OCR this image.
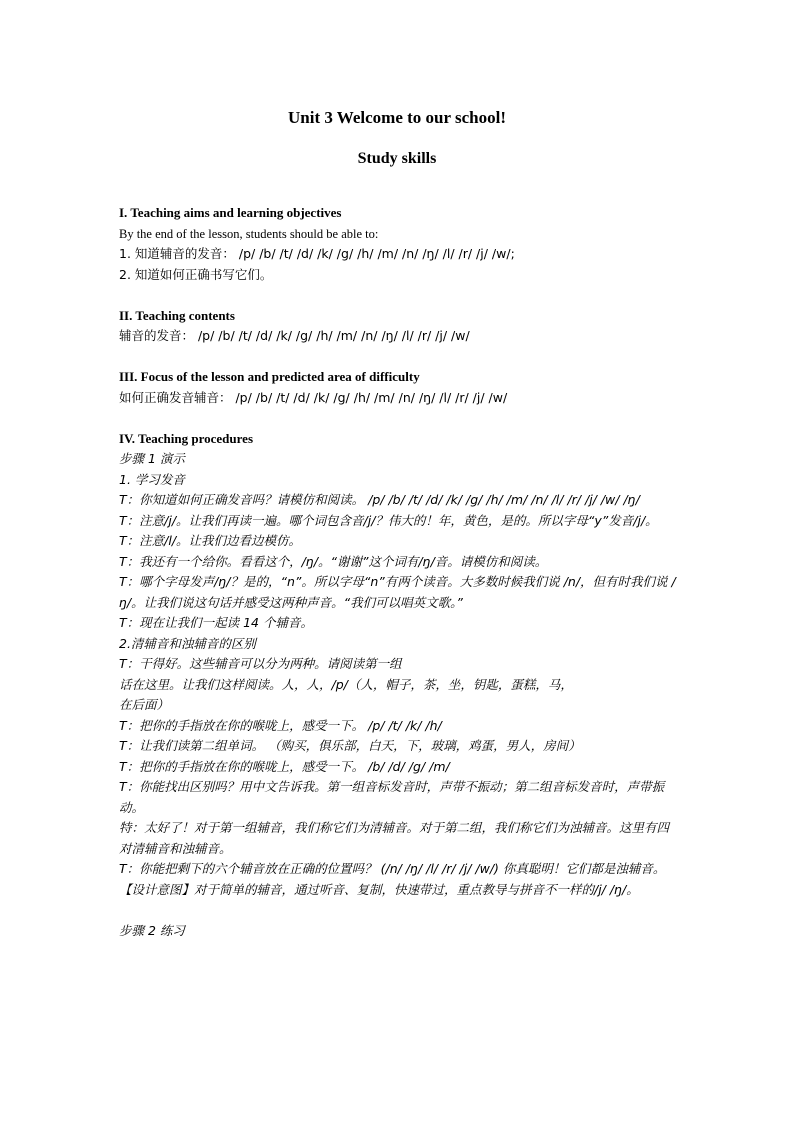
Unit 3 Welcome to our school!
Study skills
I. Teaching aims and learning objectives
By the end of the lesson, students should be able to:
1. 知道辅音的发音： /p/ /b/ /t/ /d/ /k/ /g/ /h/ /m/ /n/ /ŋ/ /l/ /r/ /j/ /w/;
2. 知道如何正确书写它们。
II. Teaching contents
辅音的发音： /p/ /b/ /t/ /d/ /k/ /g/ /h/ /m/ /n/ /ŋ/ /l/ /r/ /j/ /w/
III. Focus of the lesson and predicted area of difficulty
如何正确发音辅音： /p/ /b/ /t/ /d/ /k/ /g/ /h/ /m/ /n/ /ŋ/ /l/ /r/ /j/ /w/
IV. Teaching procedures
步骤 1 演示
1. 学习发音
T：你知道如何正确发音吗？请模仿和阅读。 /p/ /b/ /t/ /d/ /k/ /g/ /h/ /m/ /n/ /l/ /r/ /j/ /w/ /ŋ/
T：注意/j/。让我们再读一遍。哪个词包含音/j/？伟大的！年，黄色，是的。所以字母“y”发音/j/。
T：注意/l/。让我们边看边模仿。
T：我还有一个给你。看看这个，/ŋ/。“谢谢”这个词有/ŋ/音。请模仿和阅读。
T：哪个字母发声/ŋ/？是的，“n”。所以字母“n”有两个读音。大多数时候我们说 /n/，但有时我们说 /ŋ/。让我们说这句话并感受这两种声音。“我们可以唱英文歌。”
T：现在让我们一起读 14 个辅音。
2.清辅音和浊辅音的区别
T：干得好。这些辅音可以分为两种。请阅读第一组
话在这里。让我们这样阅读。人，人，/p/（人，帽子，茶，坐，钥匙，蛋糕，马，
在后面）
T：把你的手指放在你的喉咙上，感受一下。 /p/ /t/ /k/ /h/
T：让我们读第二组单词。 （购买，俱乐部，白天，下，玻璃，鸡蛋，男人，房间）
T：把你的手指放在你的喉咙上，感受一下。 /b/ /d/ /g/ /m/
T：你能找出区别吗？用中文告诉我。第一组音标发音时，声带不振动；第二组音标发音时，声带振动。
特：太好了！对于第一组辅音，我们称它们为清辅音。对于第二组，我们称它们为浊辅音。这里有四对清辅音和浊辅音。
T：你能把剩下的六个辅音放在正确的位置吗？ (/n/ /ŋ/ /l/ /r/ /j/ /w/) 你真聪明！它们都是浊辅音。
【设计意图】对于简单的辅音，通过听音、复制，快速带过，重点教导与拼音不一样的/j/ /ŋ/。
步骤 2 练习
